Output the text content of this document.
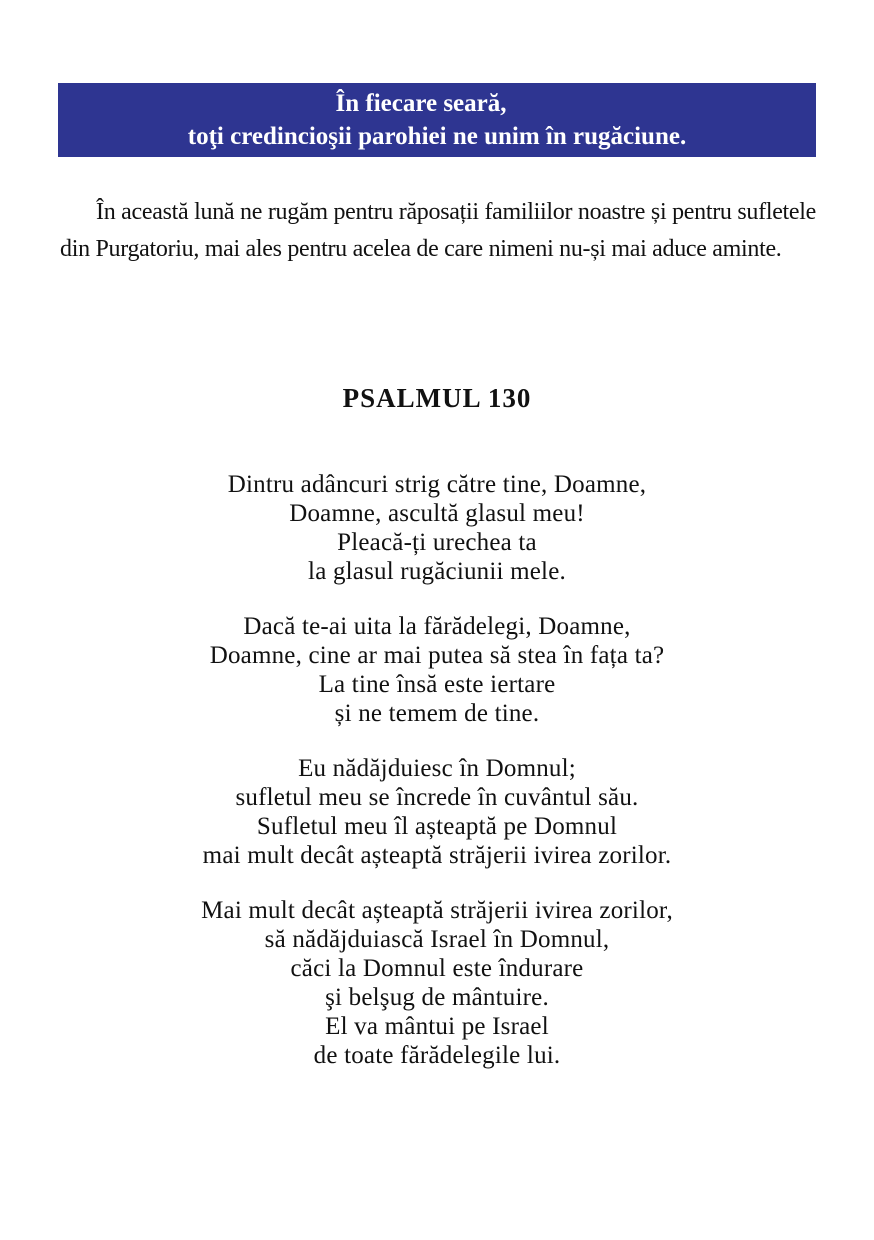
În fiecare seară,
toţi credincioşii parohiei ne unim în rugăciune.

În această lună ne rugăm pentru răposații familiilor noastre și pentru sufletele din Purgatoriu, mai ales pentru acelea de care nimeni nu-și mai aduce aminte.

PSALMUL 130
Dintru adâncuri strig către tine, Doamne,
Doamne, ascultă glasul meu!
Pleacă-ți urechea ta
la glasul rugăciunii mele.
Dacă te-ai uita la fărădelegi, Doamne,
Doamne, cine ar mai putea să stea în fața ta?
La tine însă este iertare
și ne temem de tine.
Eu nădăjduiesc în Domnul;
sufletul meu se încrede în cuvântul său.
Sufletul meu îl așteaptă pe Domnul
mai mult decât așteaptă străjerii ivirea zorilor.
Mai mult decât așteaptă străjerii ivirea zorilor,
să nădăjduiască Israel în Domnul,
căci la Domnul este îndurare
şi belşug de mântuire.
El va mântui pe Israel
de toate fărădelegile lui.
